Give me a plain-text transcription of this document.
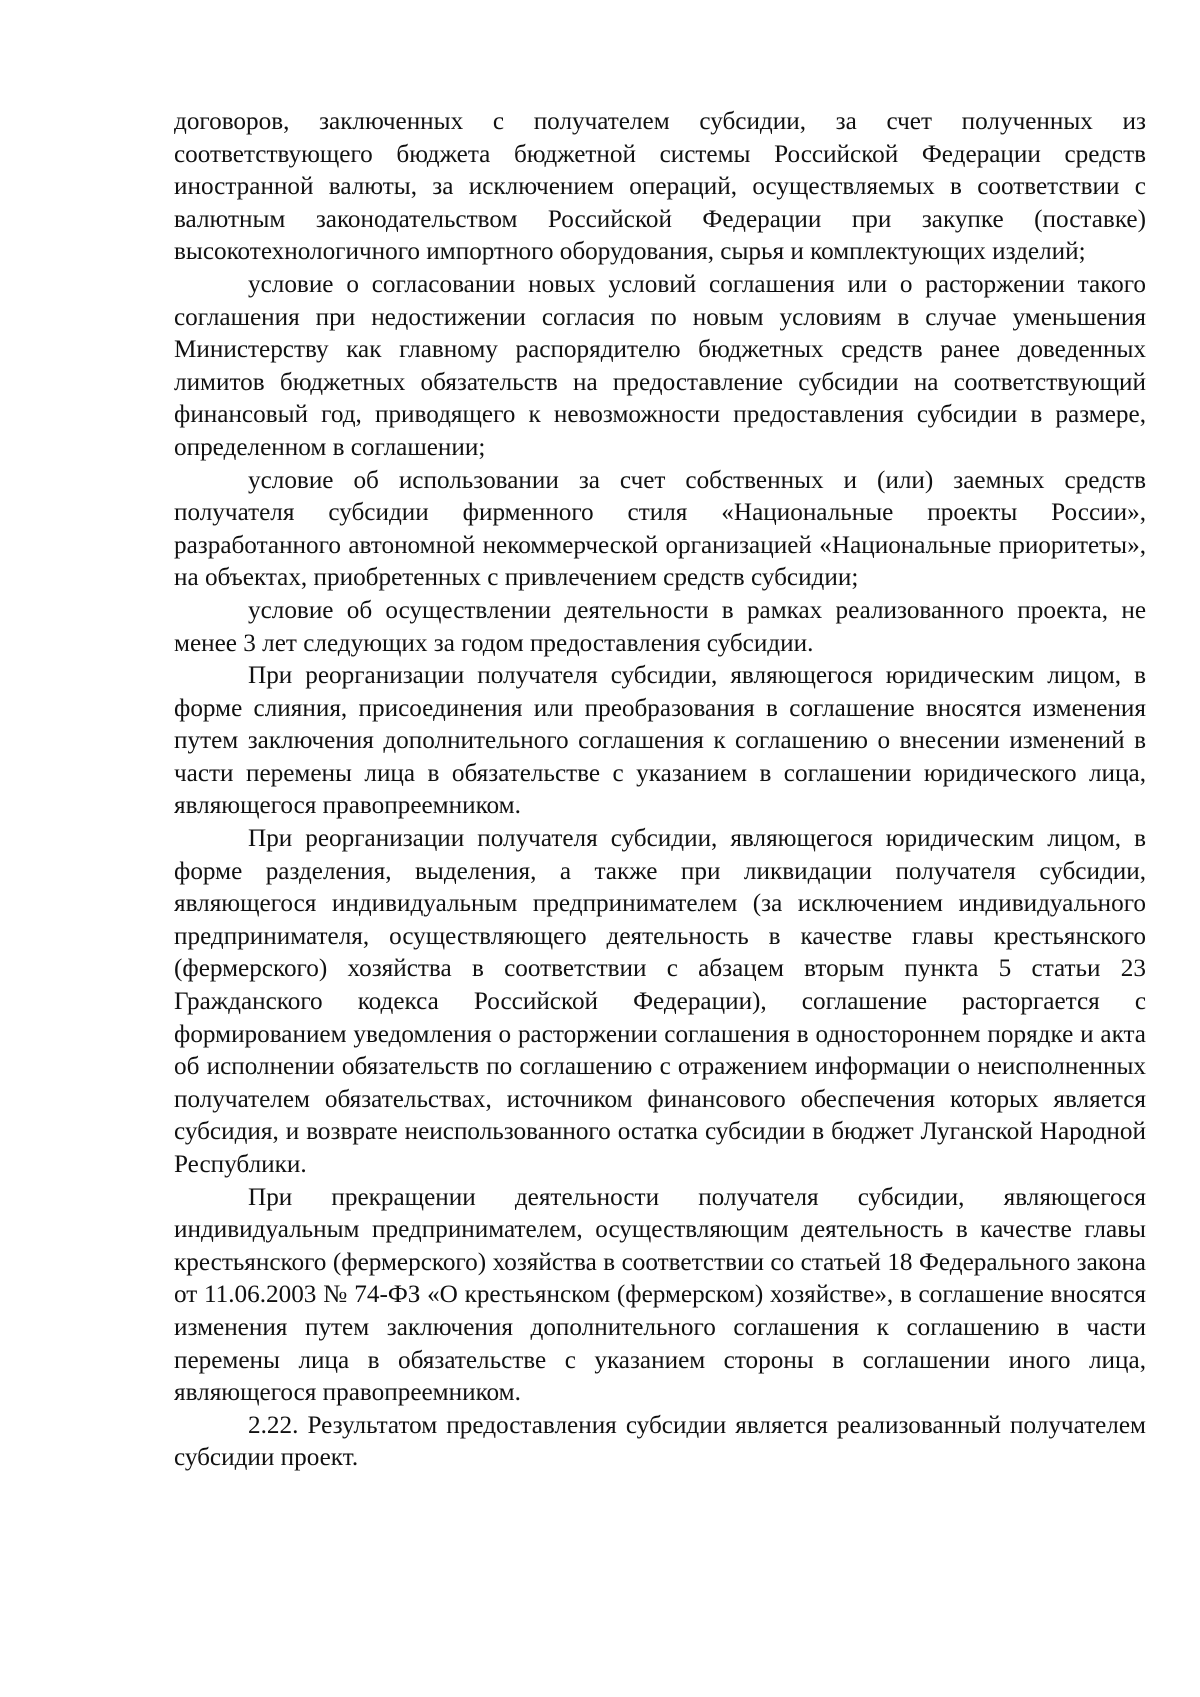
договоров, заключенных с получателем субсидии, за счет полученных из соответствующего бюджета бюджетной системы Российской Федерации средств иностранной валюты, за исключением операций, осуществляемых в соответствии с валютным законодательством Российской Федерации при закупке (поставке) высокотехнологичного импортного оборудования, сырья и комплектующих изделий;

условие о согласовании новых условий соглашения или о расторжении такого соглашения при недостижении согласия по новым условиям в случае уменьшения Министерству как главному распорядителю бюджетных средств ранее доведенных лимитов бюджетных обязательств на предоставление субсидии на соответствующий финансовый год, приводящего к невозможности предоставления субсидии в размере, определенном в соглашении;

условие об использовании за счет собственных и (или) заемных средств получателя субсидии фирменного стиля «Национальные проекты России», разработанного автономной некоммерческой организацией «Национальные приоритеты», на объектах, приобретенных с привлечением средств субсидии;

условие об осуществлении деятельности в рамках реализованного проекта, не менее 3 лет следующих за годом предоставления субсидии.

При реорганизации получателя субсидии, являющегося юридическим лицом, в форме слияния, присоединения или преобразования в соглашение вносятся изменения путем заключения дополнительного соглашения к соглашению о внесении изменений в части перемены лица в обязательстве с указанием в соглашении юридического лица, являющегося правопреемником.

При реорганизации получателя субсидии, являющегося юридическим лицом, в форме разделения, выделения, а также при ликвидации получателя субсидии, являющегося индивидуальным предпринимателем (за исключением индивидуального предпринимателя, осуществляющего деятельность в качестве главы крестьянского (фермерского) хозяйства в соответствии с абзацем вторым пункта 5 статьи 23 Гражданского кодекса Российской Федерации), соглашение расторгается с формированием уведомления о расторжении соглашения в одностороннем порядке и акта об исполнении обязательств по соглашению с отражением информации о неисполненных получателем обязательствах, источником финансового обеспечения которых является субсидия, и возврате неиспользованного остатка субсидии в бюджет Луганской Народной Республики.

При прекращении деятельности получателя субсидии, являющегося индивидуальным предпринимателем, осуществляющим деятельность в качестве главы крестьянского (фермерского) хозяйства в соответствии со статьей 18 Федерального закона от 11.06.2003 № 74-ФЗ «О крестьянском (фермерском) хозяйстве», в соглашение вносятся изменения путем заключения дополнительного соглашения к соглашению в части перемены лица в обязательстве с указанием стороны в соглашении иного лица, являющегося правопреемником.

2.22. Результатом предоставления субсидии является реализованный получателем субсидии проект.
